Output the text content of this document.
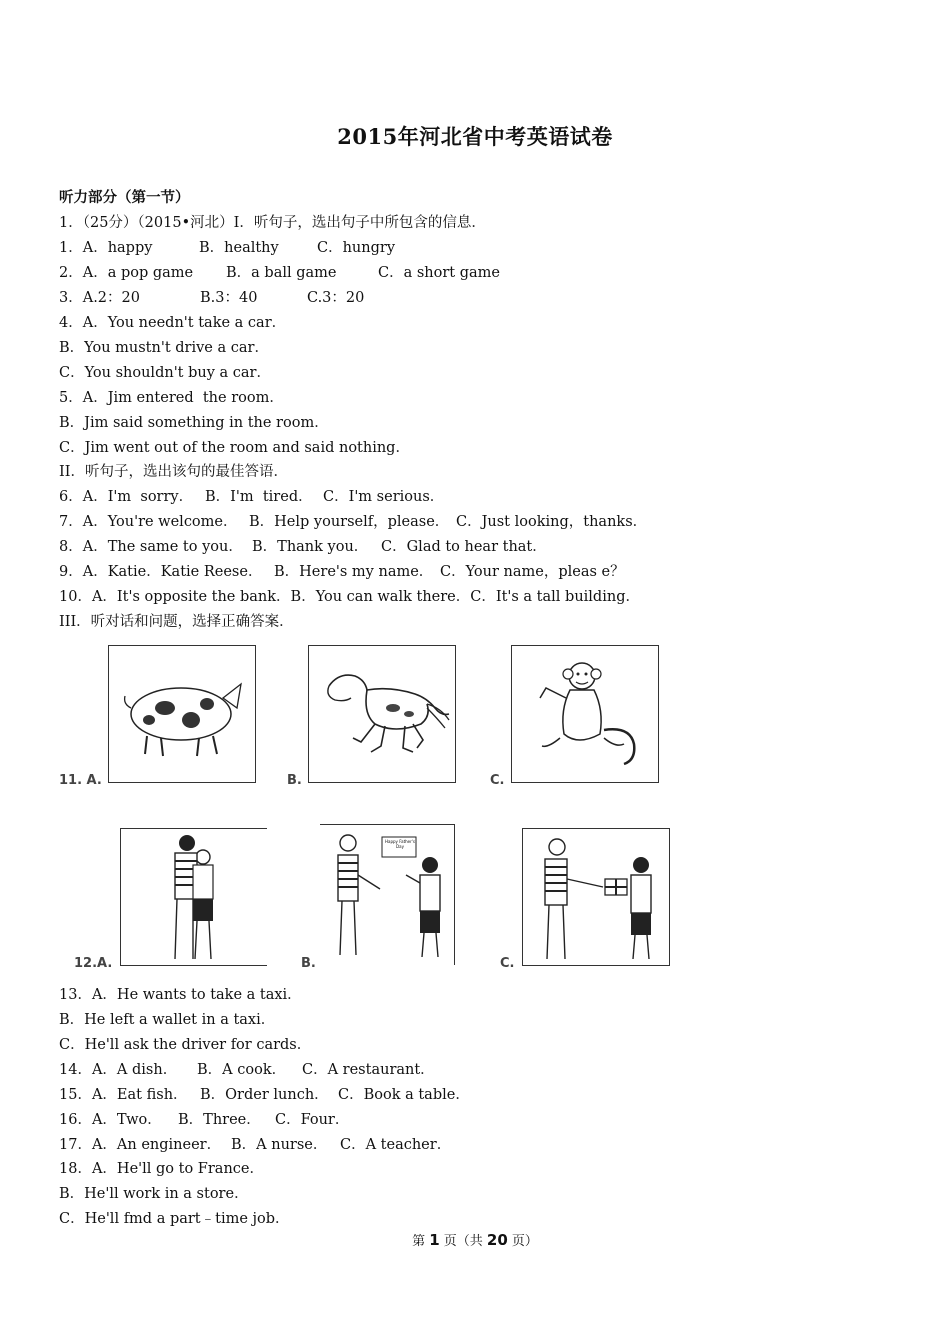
2015年河北省中考英语试卷
听力部分（第一节）
1．（25分）（2015•河北）I．听句子，选出句子中所包含的信息．
1．A．happy	B．healthy	C．hungry
2．A．a pop game B．a ball game	C．a short game
3．A.2：20	B.3：40	C.3：20
4．A．You needn't take a car．
B．You mustn't drive a car．
C．You shouldn't buy a car．
5．A．Jim entered  the room．
B．Jim said something in the room．
C．Jim went out of the room and said nothing．
II．听句子，选出该句的最佳答语．
6．A．I'm  sorry． B．I'm  tired． C．I'm serious．
7．A．You're welcome． B．Help yourself，please． C．Just looking，thanks．
8．A．The same to you． B．Thank you． C．Glad to hear that．
9．A．Katie．Katie Reese． B．Here's my name． C．Your name，pleas e？
10．A．It's opposite the bank．B．You can walk there．C．It's a tall building．
III．听对话和问题，选择正确答案．
13．A．He wants to take a taxi．
B．He left a wallet in a taxi．
C．He'll ask the driver for cards．
14．A．A dish． B．A cook． C．A restaurant．
15．A．Eat fish． B．Order lunch． C．Book a table．
16．A．Two． B．Three． C．Four．
17．A．An engineer． B．A nurse． C．A teacher．
18．A．He'll go to France．
B．He'll work in a store．
C．He'll fmd a part﹣time job．
11. A.	B.	C.
Happy Father's Day
12.A.	B.	C.
第 1 页（共 20 页）
